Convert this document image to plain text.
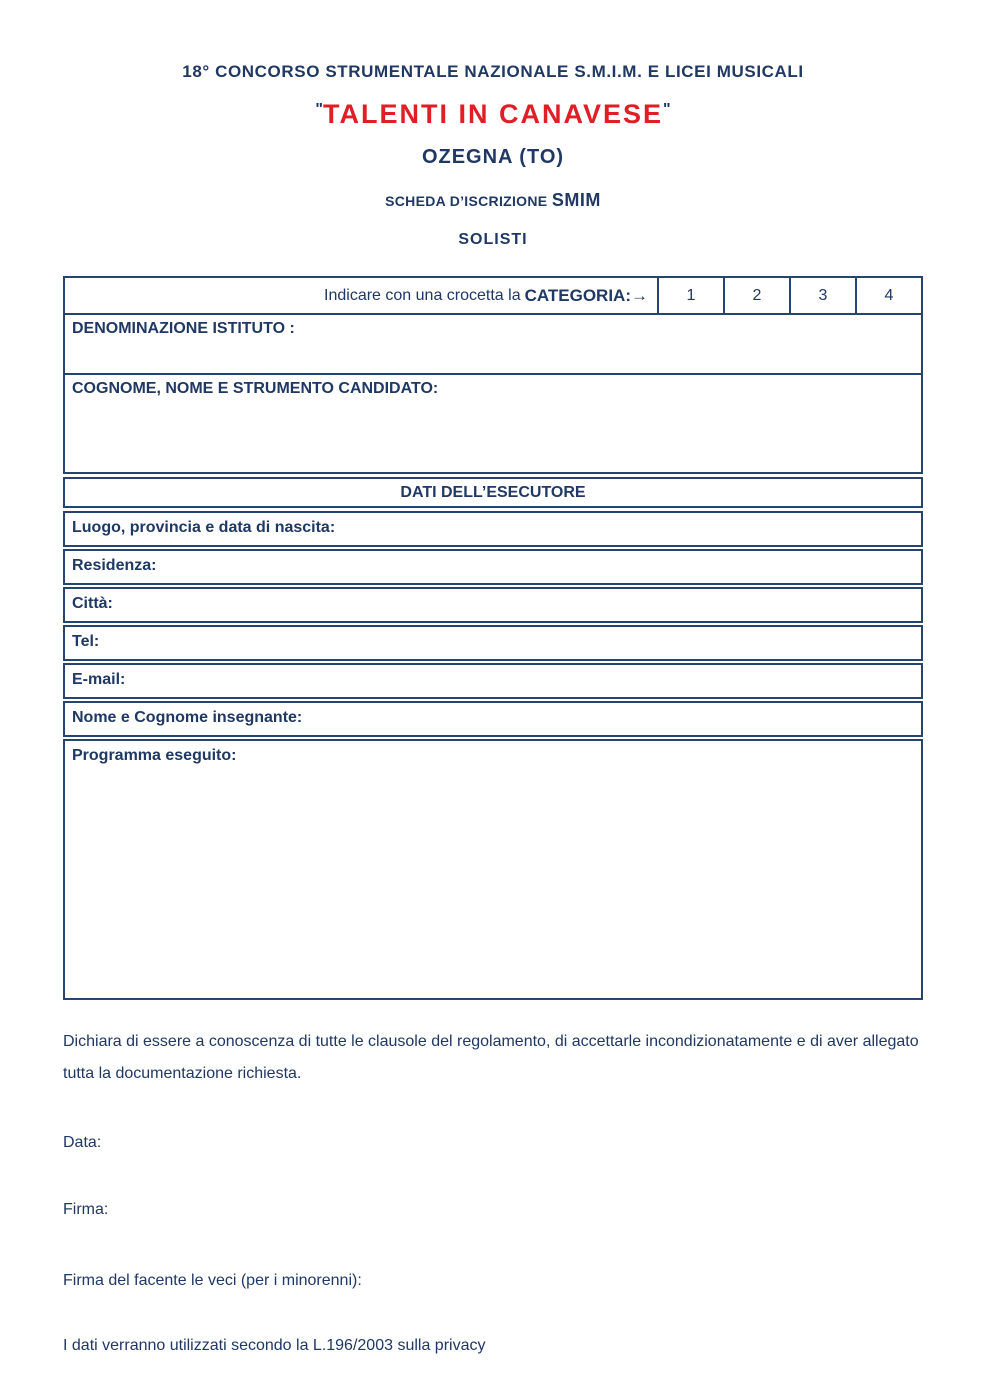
18° CONCORSO STRUMENTALE NAZIONALE S.M.I.M. E LICEI MUSICALI
"TALENTI IN CANAVESE"
OZEGNA (TO)
SCHEDA D’ISCRIZIONE SMIM
SOLISTI
Indicare con una crocetta la CATEGORIA: →	1	2	3	4
DENOMINAZIONE ISTITUTO :
COGNOME, NOME E STRUMENTO CANDIDATO:
DATI DELL’ESECUTORE
Luogo, provincia e data di nascita:
Residenza:
Città:
Tel:
E-mail:
Nome e Cognome insegnante:
Programma eseguito:
Dichiara di essere a conoscenza di tutte le clausole del regolamento, di accettarle incondizionatamente e di aver allegato tutta la documentazione richiesta.
Data:
Firma:
Firma del facente le veci (per i minorenni):
I dati verranno utilizzati secondo la L.196/2003 sulla privacy
